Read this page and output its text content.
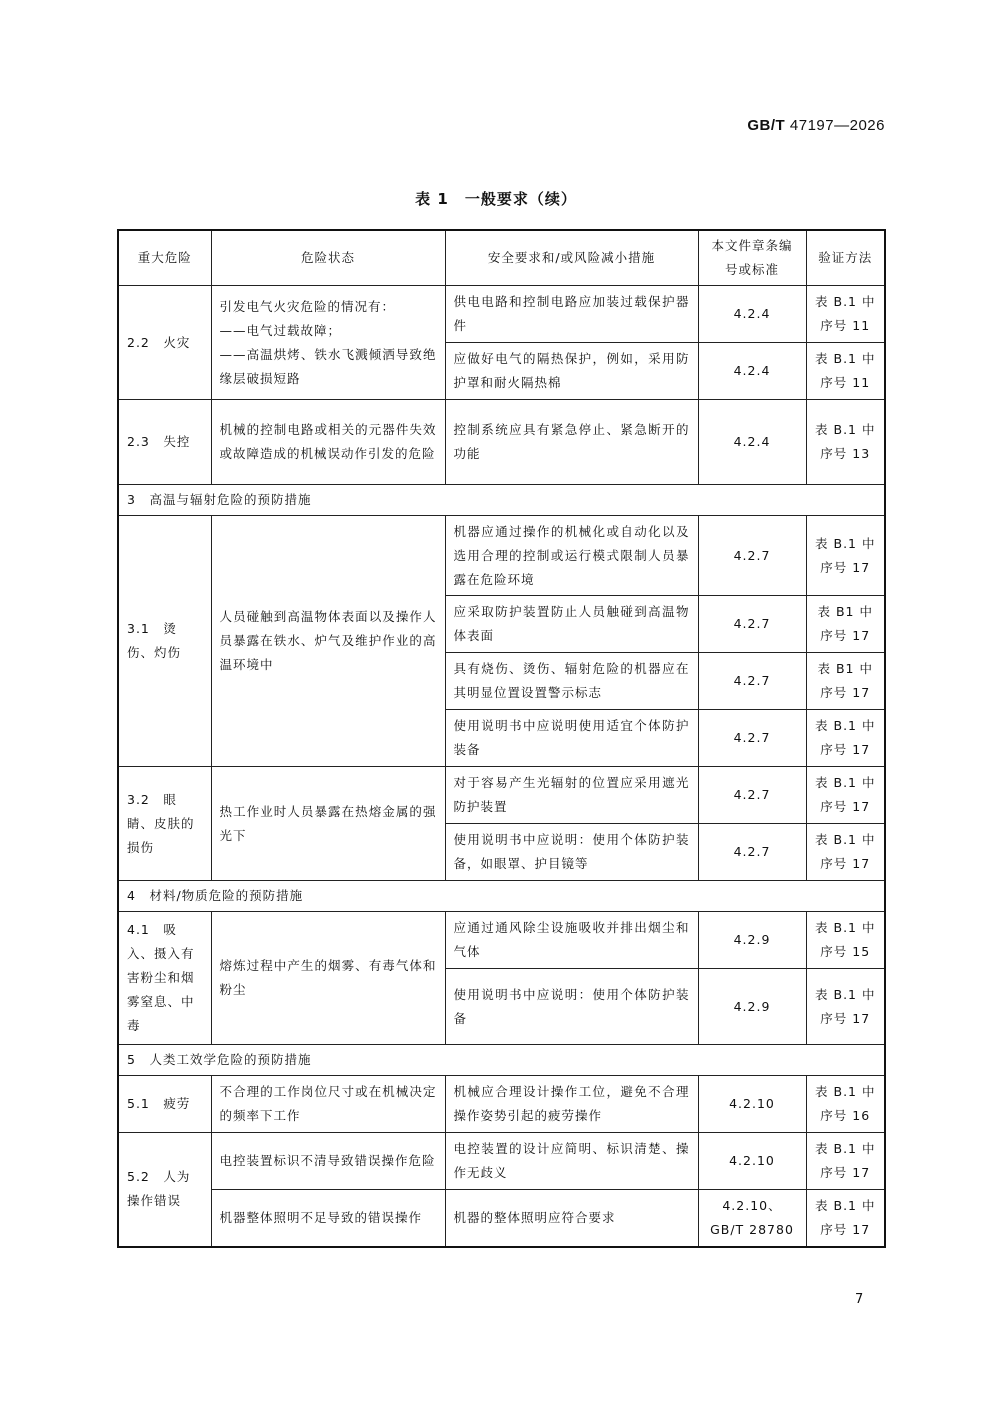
GB/T 47197—2026
表 1　一般要求（续）
重大危险	危险状态	安全要求和/或风险减小措施	本文件章条编号或标准	验证方法
2.2　火灾	引发电气火灾危险的情况有：
——电气过载故障；
——高温烘烤、铁水飞溅倾洒导致绝缘层破损短路	供电电路和控制电路应加装过载保护器件	4.2.4	表 B.1 中序号 11
		应做好电气的隔热保护，例如，采用防护罩和耐火隔热棉	4.2.4	表 B.1 中序号 11
2.3　失控	机械的控制电路或相关的元器件失效或故障造成的机械误动作引发的危险	控制系统应具有紧急停止、紧急断开的功能	4.2.4	表 B.1 中序号 13
3　高温与辐射危险的预防措施				
3.1　烫伤、灼伤	人员碰触到高温物体表面以及操作人员暴露在铁水、炉气及维护作业的高温环境中	机器应通过操作的机械化或自动化以及选用合理的控制或运行模式限制人员暴露在危险环境	4.2.7	表 B.1 中序号 17
		应采取防护装置防止人员触碰到高温物体表面	4.2.7	表 B1 中序号 17
		具有烧伤、烫伤、辐射危险的机器应在其明显位置设置警示标志	4.2.7	表 B1 中序号 17
		使用说明书中应说明使用适宜个体防护装备	4.2.7	表 B.1 中序号 17
3.2　眼睛、皮肤的损伤	热工作业时人员暴露在热熔金属的强光下	对于容易产生光辐射的位置应采用遮光防护装置	4.2.7	表 B.1 中序号 17
		使用说明书中应说明：使用个体防护装备，如眼罩、护目镜等	4.2.7	表 B.1 中序号 17
4　材料/物质危险的预防措施				
4.1　吸入、摄入有害粉尘和烟雾窒息、中毒	熔炼过程中产生的烟雾、有毒气体和粉尘	应通过通风除尘设施吸收并排出烟尘和气体	4.2.9	表 B.1 中序号 15
		使用说明书中应说明：使用个体防护装备	4.2.9	表 B.1 中序号 17
5　人类工效学危险的预防措施				
5.1　疲劳	不合理的工作岗位尺寸或在机械决定的频率下工作	机械应合理设计操作工位，避免不合理操作姿势引起的疲劳操作	4.2.10	表 B.1 中序号 16
5.2　人为操作错误	电控装置标识不清导致错误操作危险	电控装置的设计应简明、标识清楚、操作无歧义	4.2.10	表 B.1 中序号 17
	机器整体照明不足导致的错误操作	机器的整体照明应符合要求	4.2.10、GB/T 28780	表 B.1 中序号 17
7
